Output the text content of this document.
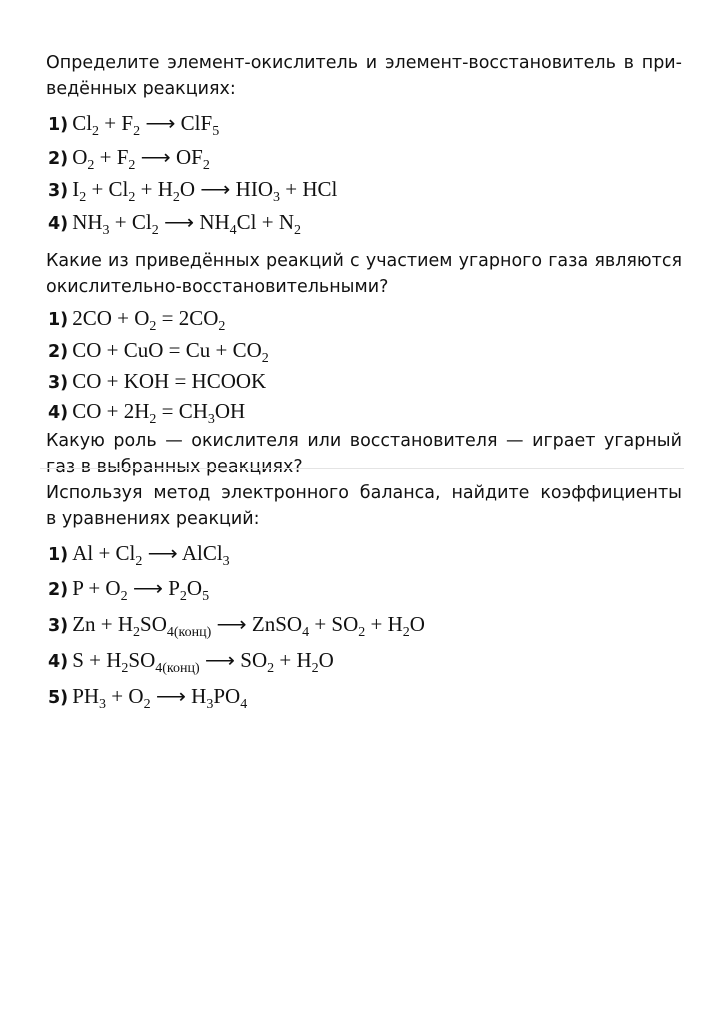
Определите элемент-окислитель и элемент-восстановитель в при-
ведённых реакциях:

1) $Cl_2 + F_2$ ⟶ ClF$_5$
2) $O_2 + F_2$ ⟶ $OF_2$
3) $I_2 + Cl_2 + H_2O$ ⟶ $HIO_3$ + HCl
4) $NH_3 + Cl_2$ ⟶ $NH_4Cl + N_2$

Какие из приведённых реакций с участием угарного газа являются
окислительно-восстановительными?

1) $2CO + O_2 = 2CO_2$
2) CO + CuO = $Cu + CO_2$
3) CO + KOH = HCOOK
4) CO + $2H_2 = CH_3OH$

Какую роль — окислителя или восстановителя — играет угарный
газ в выбранных реакциях?

Используя метод электронного баланса, найдите коэффициенты
в уравнениях реакций:

1) $Al + Cl_2$ ⟶ AlCl$_3$
2) $P + O_2$ ⟶ $P_2O_5$
3) $Zn + H_2SO_{4(конц)}$ ⟶ ZnSO$_4$ + $SO_2 + H_2O$
4) $S + H_2SO_{4(конц)}$ ⟶ $SO_2 + H_2O$
5) $PH_3 + O_2$ ⟶ $H_3PO_4$
